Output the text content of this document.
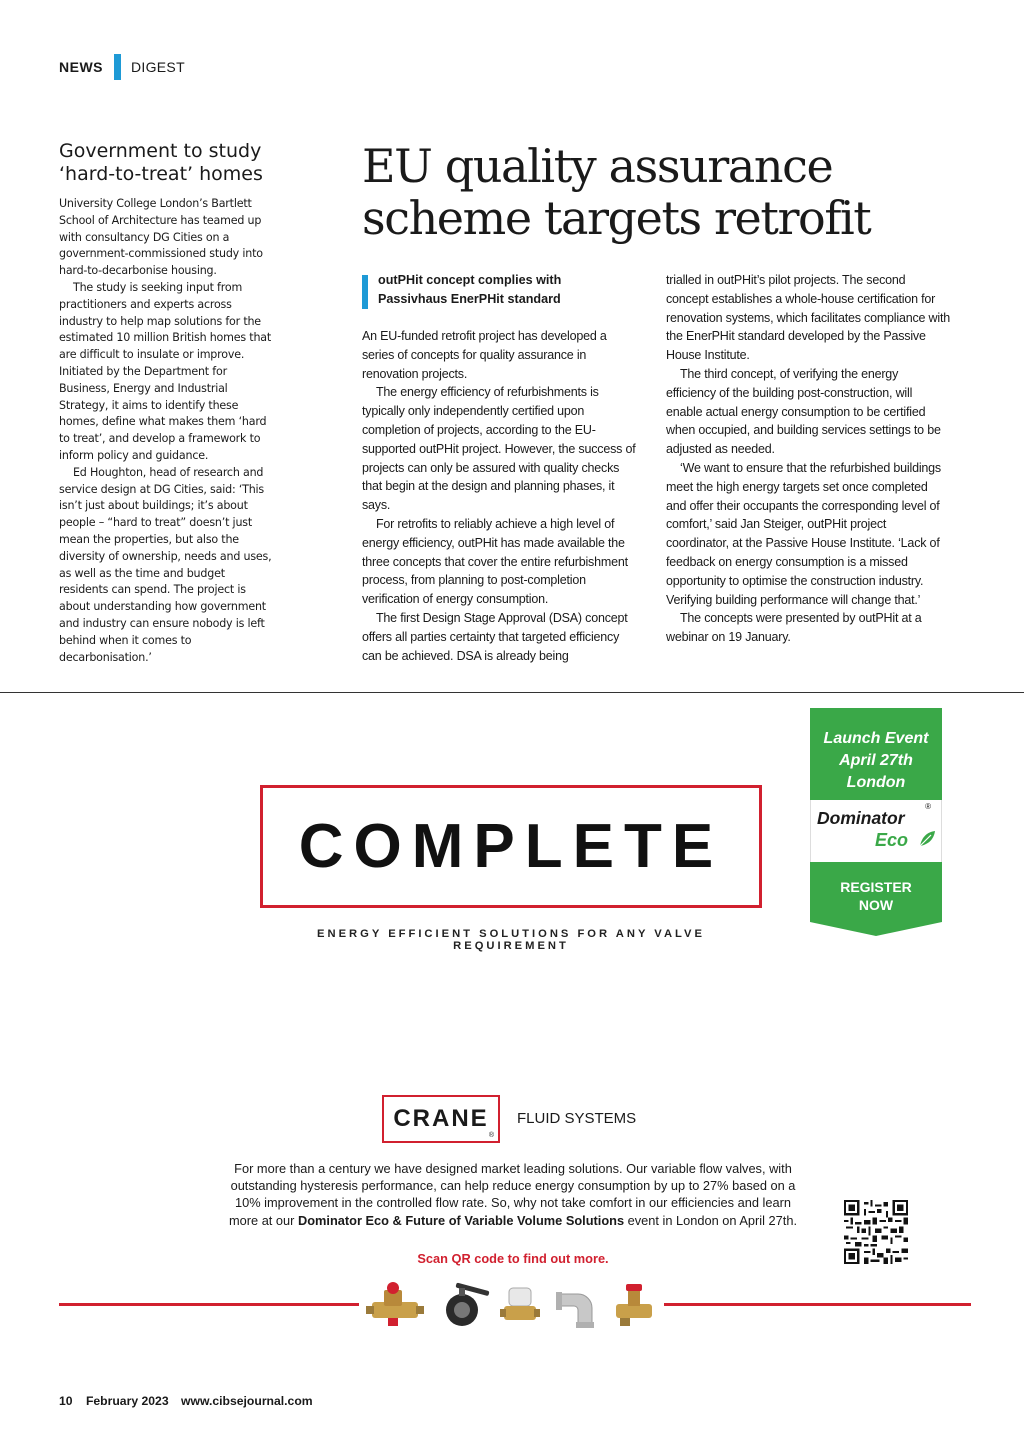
NEWS DIGEST
Government to study ‘hard-to-treat’ homes

University College London’s Bartlett School of Architecture has teamed up with consultancy DG Cities on a government-commissioned study into hard-to-decarbonise housing.

The study is seeking input from practitioners and experts across industry to help map solutions for the estimated 10 million British homes that are difficult to insulate or improve. Initiated by the Department for Business, Energy and Industrial Strategy, it aims to identify these homes, define what makes them ‘hard to treat’, and develop a framework to inform policy and guidance.

Ed Houghton, head of research and service design at DG Cities, said: ‘This isn’t just about buildings; it’s about people – “hard to treat” doesn’t just mean the properties, but also the diversity of ownership, needs and uses, as well as the time and budget residents can spend. The project is about understanding how government and industry can ensure nobody is left behind when it comes to decarbonisation.’

EU quality assurance scheme targets retrofit
outPHit concept complies with Passivhaus EnerPHit standard

An EU-funded retrofit project has developed a series of concepts for quality assurance in renovation projects.

The energy efficiency of refurbishments is typically only independently certified upon completion of projects, according to the EU-supported outPHit project. However, the success of projects can only be assured with quality checks that begin at the design and planning phases, it says.

For retrofits to reliably achieve a high level of energy efficiency, outPHit has made available the three concepts that cover the entire refurbishment process, from planning to post-completion verification of energy consumption.

The first Design Stage Approval (DSA) concept offers all parties certainty that targeted efficiency can be achieved. DSA is already being

trialled in outPHit’s pilot projects. The second concept establishes a whole-house certification for renovation systems, which facilitates compliance with the EnerPHit standard developed by the Passive House Institute.

The third concept, of verifying the energy efficiency of the building post-construction, will enable actual energy consumption to be certified when occupied, and building services settings to be adjusted as needed.

‘We want to ensure that the refurbished buildings meet the high energy targets set once completed and offer their occupants the corresponding level of comfort,’ said Jan Steiger, outPHit project coordinator, at the Passive House Institute. ‘Lack of feedback on energy consumption is a missed opportunity to optimise the construction industry. Verifying building performance will change that.’

The concepts were presented by outPHit at a webinar on 19 January.

COMPLETE
ENERGY EFFICIENT SOLUTIONS FOR ANY VALVE REQUIREMENT
Launch Event
April 27th
London
Dominator
®
Eco
REGISTER
NOW
CRANE
®
FLUID SYSTEMS
For more than a century we have designed market leading solutions. Our variable flow valves, with outstanding hysteresis performance, can help reduce energy consumption by up to 27% based on a 10% improvement in the controlled flow rate. So, why not take comfort in our efficiencies and learn more at our Dominator Eco & Future of Variable Volume Solutions event in London on April 27th.
Scan QR code to find out more.
10 February 2023 www.cibsejournal.com
